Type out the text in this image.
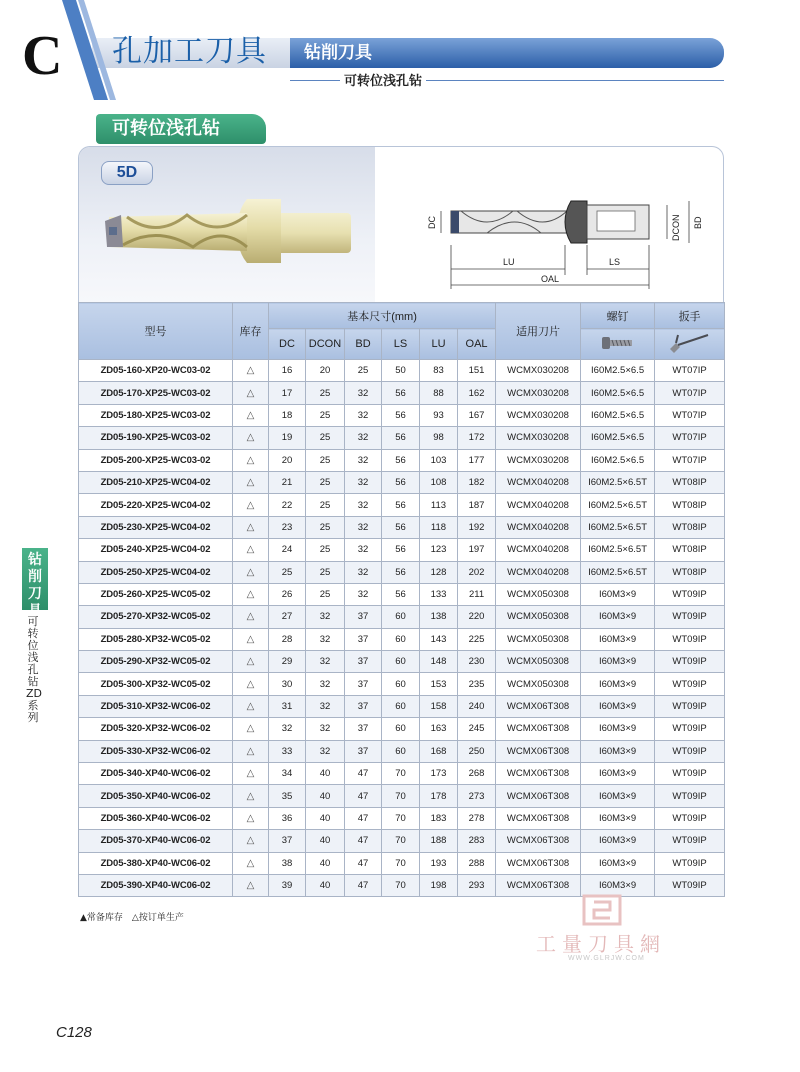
C 孔加工刀具 钻削刀具
可转位浅孔钻
可转位浅孔钻
5D
LU	LS
OAL
DC	DCON BD
型号	库存	基本尺寸(mm)						适用刀片	螺钉	扳手
		DC	DCON	BD	LS	LU	OAL		
ZD05-160-XP20-WC03-02	△	16	20	25	50	83	151	WCMX030208	I60M2.5×6.5	WT07IP
ZD05-170-XP25-WC03-02	△	17	25	32	56	88	162	WCMX030208	I60M2.5×6.5	WT07IP
ZD05-180-XP25-WC03-02	△	18	25	32	56	93	167	WCMX030208	I60M2.5×6.5	WT07IP
ZD05-190-XP25-WC03-02	△	19	25	32	56	98	172	WCMX030208	I60M2.5×6.5	WT07IP
ZD05-200-XP25-WC03-02	△	20	25	32	56	103	177	WCMX030208	I60M2.5×6.5	WT07IP
ZD05-210-XP25-WC04-02	△	21	25	32	56	108	182	WCMX040208	I60M2.5×6.5T	WT08IP
ZD05-220-XP25-WC04-02	△	22	25	32	56	113	187	WCMX040208	I60M2.5×6.5T	WT08IP
ZD05-230-XP25-WC04-02	△	23	25	32	56	118	192	WCMX040208	I60M2.5×6.5T	WT08IP
ZD05-240-XP25-WC04-02	△	24	25	32	56	123	197	WCMX040208	I60M2.5×6.5T	WT08IP
ZD05-250-XP25-WC04-02	△	25	25	32	56	128	202	WCMX040208	I60M2.5×6.5T	WT08IP
ZD05-260-XP25-WC05-02	△	26	25	32	56	133	211	WCMX050308	I60M3×9	WT09IP
ZD05-270-XP32-WC05-02	△	27	32	37	60	138	220	WCMX050308	I60M3×9	WT09IP
ZD05-280-XP32-WC05-02	△	28	32	37	60	143	225	WCMX050308	I60M3×9	WT09IP
ZD05-290-XP32-WC05-02	△	29	32	37	60	148	230	WCMX050308	I60M3×9	WT09IP
ZD05-300-XP32-WC05-02	△	30	32	37	60	153	235	WCMX050308	I60M3×9	WT09IP
ZD05-310-XP32-WC06-02	△	31	32	37	60	158	240	WCMX06T308	I60M3×9	WT09IP
ZD05-320-XP32-WC06-02	△	32	32	37	60	163	245	WCMX06T308	I60M3×9	WT09IP
ZD05-330-XP32-WC06-02	△	33	32	37	60	168	250	WCMX06T308	I60M3×9	WT09IP
ZD05-340-XP40-WC06-02	△	34	40	47	70	173	268	WCMX06T308	I60M3×9	WT09IP
ZD05-350-XP40-WC06-02	△	35	40	47	70	178	273	WCMX06T308	I60M3×9	WT09IP
ZD05-360-XP40-WC06-02	△	36	40	47	70	183	278	WCMX06T308	I60M3×9	WT09IP
ZD05-370-XP40-WC06-02	△	37	40	47	70	188	283	WCMX06T308	I60M3×9	WT09IP
ZD05-380-XP40-WC06-02	△	38	40	47	70	193	288	WCMX06T308	I60M3×9	WT09IP
ZD05-390-XP40-WC06-02	△	39	40	47	70	198	293	WCMX06T308	I60M3×9	WT09IP
▲常备库存　△按订单生产
工量刀具網
WWW.GLRJW.COM
钻削刀具
可转位浅孔钻ZD系列
C128
